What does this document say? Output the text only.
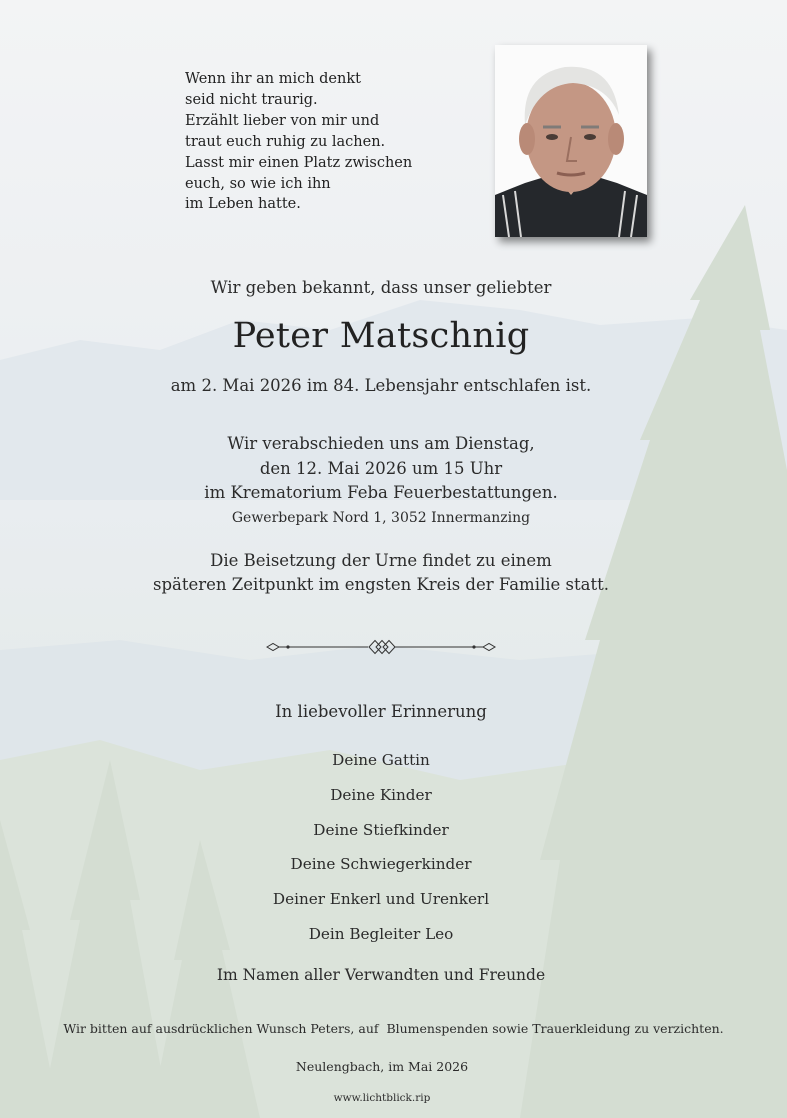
Wenn ihr an mich denkt
seid nicht traurig.
Erzählt lieber von mir und
traut euch ruhig zu lachen.
Lasst mir einen Platz zwischen
euch, so wie ich ihn
im Leben hatte.
Wir geben bekannt, dass unser geliebter
Peter Matschnig
am 2. Mai 2026 im 84. Lebensjahr entschlafen ist.
Wir verabschieden uns am Dienstag,
den 12. Mai 2026 um 15 Uhr
im Krematorium Feba Feuerbestattungen.
Gewerbepark Nord 1, 3052 Innermanzing
Die Beisetzung der Urne findet zu einem
späteren Zeitpunkt im engsten Kreis der Familie statt.
In liebevoller Erinnerung
Deine Gattin
Deine Kinder
Deine Stiefkinder
Deine Schwiegerkinder
Deiner Enkerl und Urenkerl
Dein Begleiter Leo
Im Namen aller Verwandten und Freunde
Wir bitten auf ausdrücklichen Wunsch Peters, auf  Blumenspenden sowie Trauerkleidung zu verzichten.
Neulengbach, im Mai 2026
www.lichtblick.rip
